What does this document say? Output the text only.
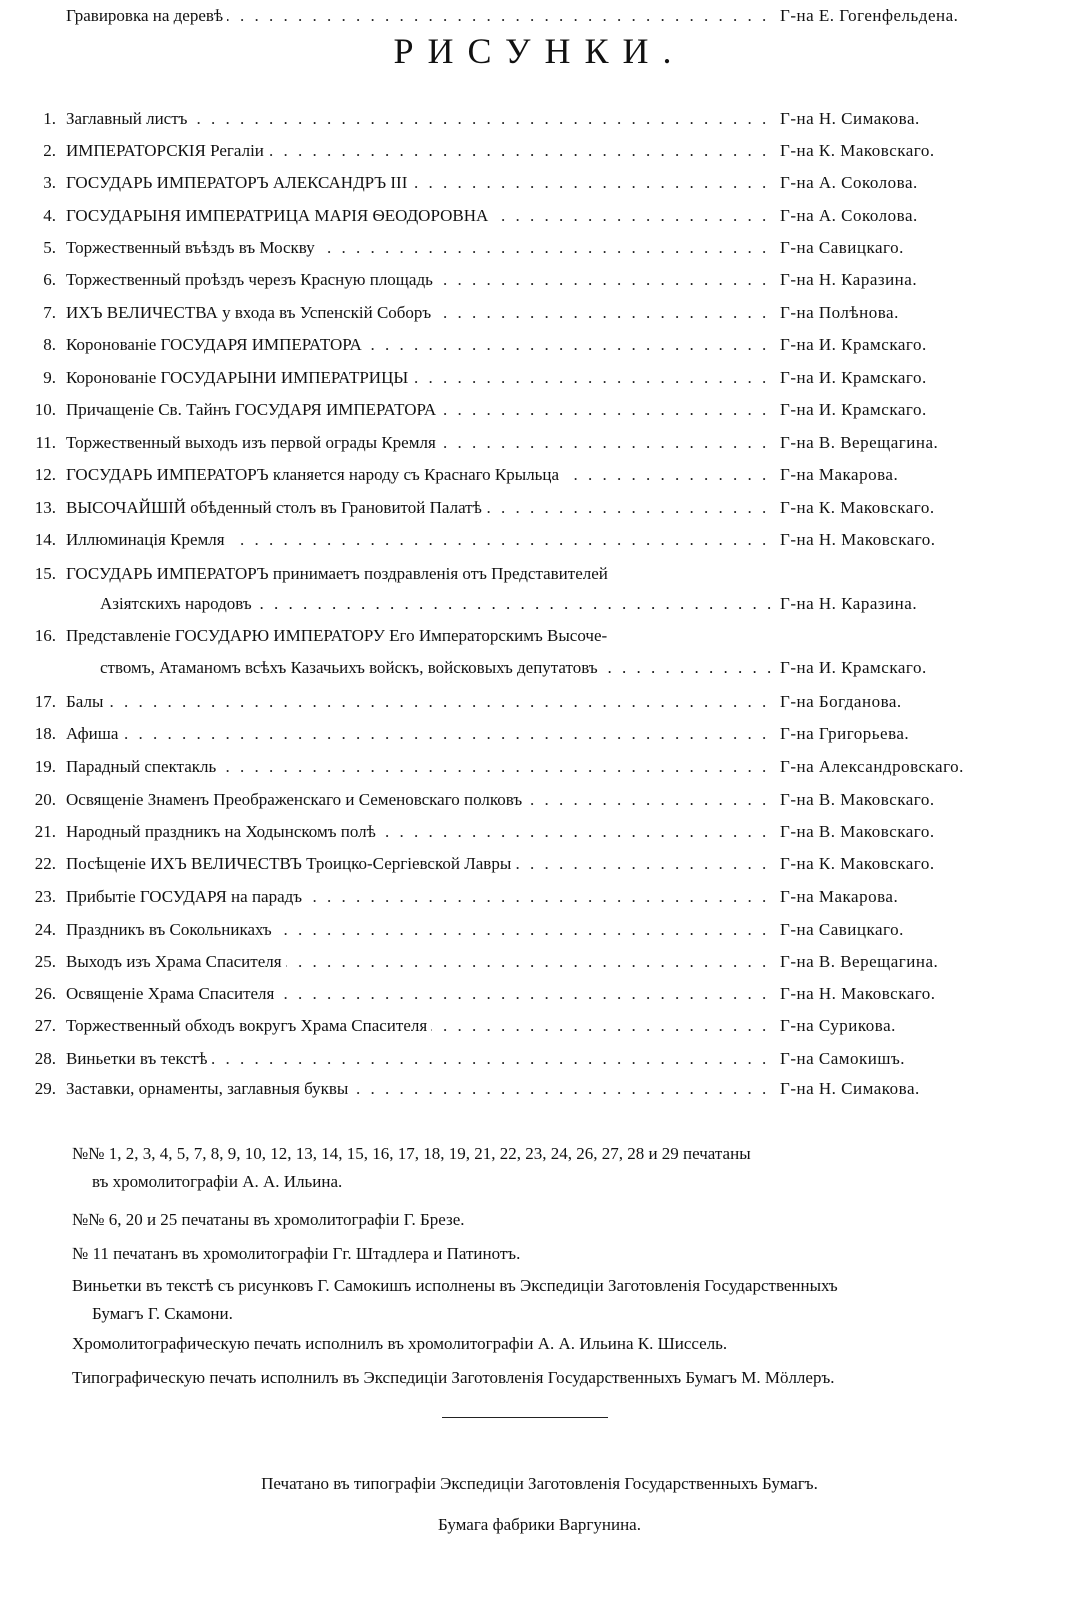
РИСУНКИ.
1. Заглавный листъ . . .	Г-на Н. Симакова.
2. ИМПЕРАТОРСКІЯ Регаліи . . .	Г-на К. Маковскаго.
3. ГОСУДАРЬ ИМПЕРАТОРЪ АЛЕКСАНДРЪ III . . .	Г-на А. Соколова.
4. ГОСУДАРЫНЯ ИМПЕРАТРИЦА МАРІЯ ѲЕОДОРОВНА . . .	Г-на А. Соколова.
5. Торжественный въѣздъ въ Москву . . .	Г-на Савицкаго.
6. Торжественный проѣздъ черезъ Красную площадь . . .	Г-на Н. Каразина.
7. ИХЪ ВЕЛИЧЕСТВА у входа въ Успенскій Соборъ . . .	Г-на Полѣнова.
8. Коронованіе ГОСУДАРЯ ИМПЕРАТОРА . . .	Г-на И. Крамскаго.
9. Коронованіе ГОСУДАРЫНИ ИМПЕРАТРИЦЫ . . .	Г-на И. Крамскаго.
10. Причащеніе Св. Тайнъ ГОСУДАРЯ ИМПЕРАТОРА . . .	Г-на И. Крамскаго.
11. Торжественный выходъ изъ первой ограды Кремля . . .	Г-на В. Верещагина.
12. ГОСУДАРЬ ИМПЕРАТОРЪ кланяется народу съ Краснаго Крыльца . . .	Г-на Макарова.
13. ВЫСОЧАЙШІЙ обѣденный столъ въ Грановитой Палатѣ . . .	Г-на К. Маковскаго.
14. Иллюминація Кремля . . .	Г-на Н. Маковскаго.
15. ГОСУДАРЬ ИМПЕРАТОРЪ принимаетъ поздравленія отъ Представителей
Азіятскихъ народовъ . . .	Г-на Н. Каразина.
16. Представленіе ГОСУДАРЮ ИМПЕРАТОРУ Его Императорскимъ Высоче-
ствомъ, Атаманомъ всѣхъ Казачьихъ войскъ, войсковыхъ депутатовъ . . .	Г-на И. Крамскаго.
17. Балы . . .	Г-на Богданова.
18. Афиша . . .	Г-на Григорьева.
19. Парадный спектакль . . .	Г-на Александровскаго.
20. Освященіе Знаменъ Преображенскаго и Семеновскаго полковъ . . .	Г-на В. Маковскаго.
21. Народный праздникъ на Ходынскомъ полѣ . . .	Г-на В. Маковскаго.
22. Посѣщеніе ИХЪ ВЕЛИЧЕСТВЪ Троицко-Сергіевской Лавры . . .	Г-на К. Маковскаго.
23. Прибытіе ГОСУДАРЯ на парадъ . . .	Г-на Макарова.
24. Праздникъ въ Сокольникахъ . . .	Г-на Савицкаго.
25. Выходъ изъ Храма Спасителя . . .	Г-на В. Верещагина.
26. Освященіе Храма Спасителя . . .	Г-на Н. Маковскаго.
27. Торжественный обходъ вокругъ Храма Спасителя . . .	Г-на Сурикова.
28. Виньетки въ текстѣ . . .	Г-на Самокишъ.
29. Заставки, орнаменты, заглавныя буквы . . .	Г-на Н. Симакова.
Гравировка на деревѣ . . .	Г-на Е. Гогенфельдена.
№№ 1, 2, 3, 4, 5, 7, 8, 9, 10, 12, 13, 14, 15, 16, 17, 18, 19, 21, 22, 23, 24, 26, 27, 28 и 29 печатаны
въ хромолитографіи А. А. Ильина.
№№ 6, 20 и 25 печатаны въ хромолитографіи Г. Брезе.
№ 11 печатанъ въ хромолитографіи Гг. Штадлера и Патинотъ.
Виньетки въ текстѣ съ рисунковъ Г. Самокишъ исполнены въ Экспедиціи Заготовленія Государственныхъ
Бумагъ Г. Скамони.
Хромолитографическую печать исполнилъ въ хромолитографіи А. А. Ильина К. Шиссель.
Типографическую печать исполнилъ въ Экспедиціи Заготовленія Государственныхъ Бумагъ М. Мöллеръ.
Печатано въ типографіи Экспедиціи Заготовленія Государственныхъ Бумагъ.
Бумага фабрики Варгунина.
